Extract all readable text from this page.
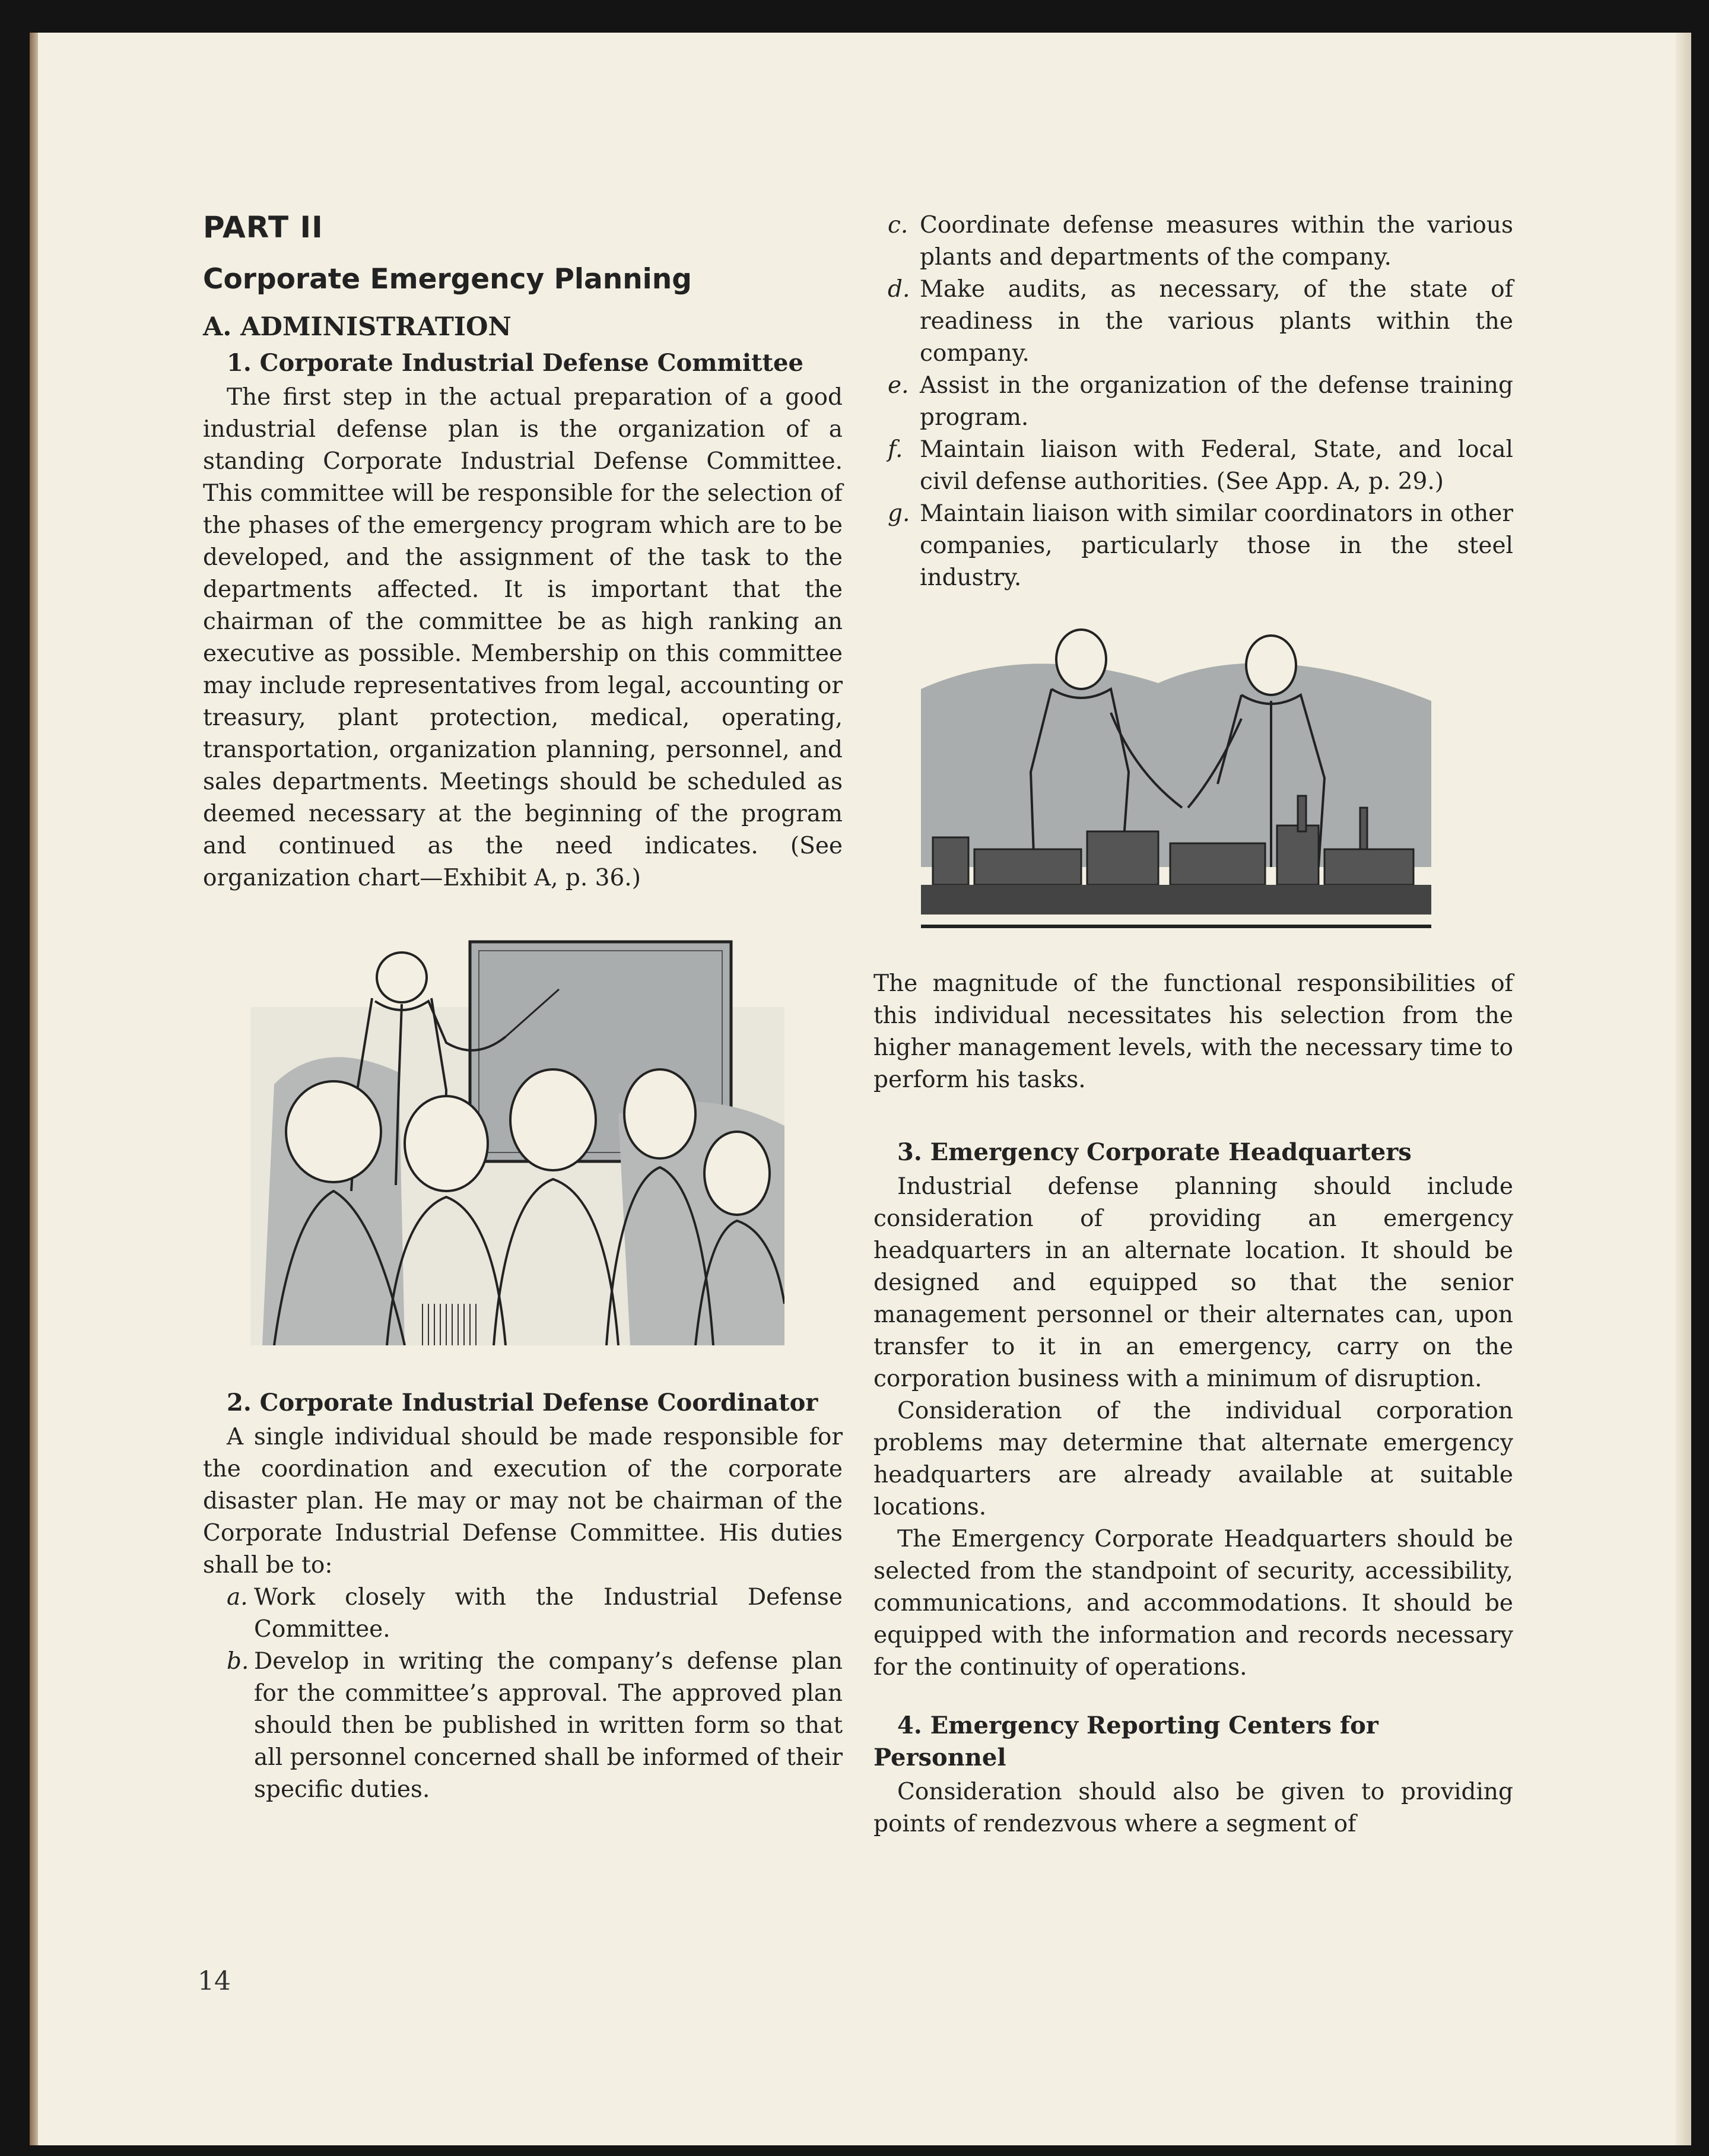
PART II
Corporate Emergency Planning
A. ADMINISTRATION
1. Corporate Industrial Defense Committee

The first step in the actual preparation of a good industrial defense plan is the organization of a standing Corporate Industrial Defense Committee. This committee will be responsible for the selection of the phases of the emergency program which are to be developed, and the assignment of the task to the departments affected. It is important that the chairman of the committee be as high ranking an executive as possible. Membership on this committee may include representatives from legal, accounting or treasury, plant protection, medical, operating, transportation, organization planning, personnel, and sales departments. Meetings should be scheduled as deemed necessary at the beginning of the program and continued as the need indicates. (See organization chart—Exhibit A, p. 36.)

2. Corporate Industrial Defense Coordinator

A single individual should be made responsible for the coordination and execution of the corporate disaster plan. He may or may not be chairman of the Corporate Industrial Defense Committee. His duties shall be to:

a. Work closely with the Industrial Defense Committee.
b. Develop in writing the company’s defense plan for the committee’s approval. The approved plan should then be published in written form so that all personnel concerned shall be informed of their specific duties.
c. Coordinate defense measures within the various plants and departments of the company.
d. Make audits, as necessary, of the state of readiness in the various plants within the company.
e. Assist in the organization of the defense training program.
f. Maintain liaison with Federal, State, and local civil defense authorities. (See App. A, p. 29.)
g. Maintain liaison with similar coordinators in other companies, particularly those in the steel industry.

The magnitude of the functional responsibilities of this individual necessitates his selection from the higher management levels, with the necessary time to perform his tasks.

3. Emergency Corporate Headquarters

Industrial defense planning should include consideration of providing an emergency headquarters in an alternate location. It should be designed and equipped so that the senior management personnel or their alternates can, upon transfer to it in an emergency, carry on the corporation business with a minimum of disruption.

Consideration of the individual corporation problems may determine that alternate emergency headquarters are already available at suitable locations.

The Emergency Corporate Headquarters should be selected from the standpoint of security, accessibility, communications, and accommodations. It should be equipped with the information and records necessary for the continuity of operations.

4. Emergency Reporting Centers for Personnel

Consideration should also be given to providing points of rendezvous where a segment of

14
